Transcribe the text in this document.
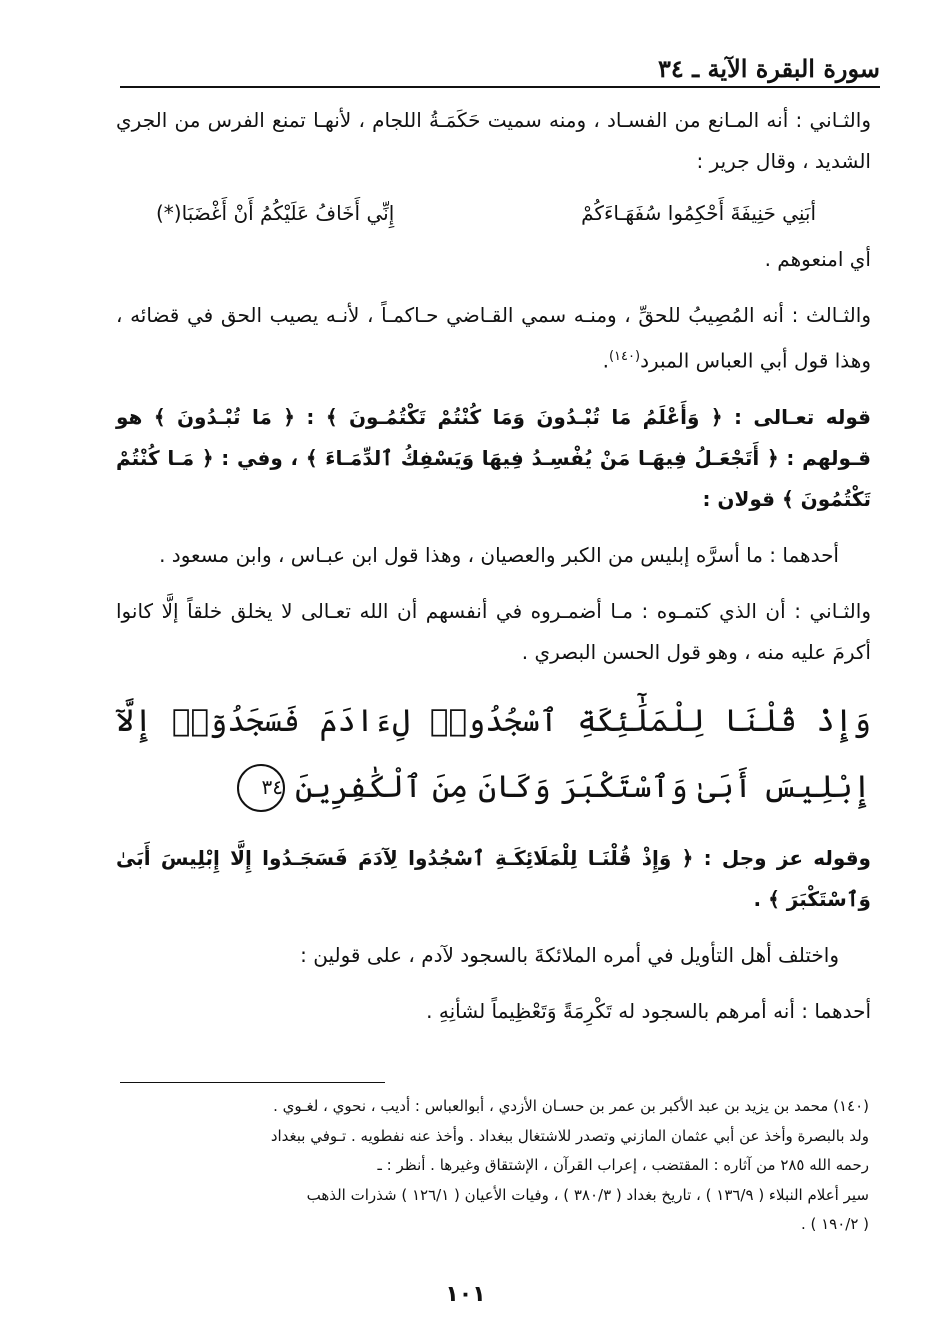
سورة البقرة الآية ـ ٣٤

والثـاني : أنه المـانع من الفسـاد ، ومنه سميت حَكَمَـةُ اللجام ، لأنهـا تمنع الفرس من الجري الشديد ، وقال جرير :

أبَنِي حَنِيفَةَ أَحْكِمُوا سُفَهَـاءَكُمْ
إِنِّي أَخَافُ عَلَيْكُمُ أَنْ أَغْضَبَا(*)

أي امنعوهم .

والثـالث : أنه المُصِيبُ للحقِّ ، ومنـه سمي القـاضي حـاكمـاً ، لأنـه يصيب الحق في قضائه ، وهذا قول أبي العباس المبرد$^{(١٤٠)}$.

قوله تعـالى : ﴿ وَأَعْلَمُ مَا تُبْـدُونَ وَمَا كُنْتُمْ تَكْتُمُـونَ ﴾ : ﴿ مَا تُبْـدُونَ ﴾ هو قـولهم : ﴿ أَتَجْعَـلُ فِيهَـا مَنْ يُفْسِـدُ فِيهَا وَيَسْفِكُ ٱلدِّمَـاءَ ﴾ ، وفي : ﴿ مَـا كُنْتُمْ تَكْتُمُونَ ﴾ قولان :

أحدهما : ما أسرَّه إبليس من الكبر والعصيان ، وهذا قول ابن عبـاس ، وابن مسعود .

والثـاني : أن الذي كتمـوه : مـا أضمـروه في أنفسهم أن الله تعـالى لا يخلق خلقاً إلَّا كانوا أكرمَ عليه منه ، وهو قول الحسن البصري .

وَإِذْ قُلْنَا لِلْمَلَٰٓئِكَةِ ٱسْجُدُوا۟ لِءَادَمَ فَسَجَدُوٓا۟ إِلَّآ إِبْلِيسَ أَبَىٰ وَٱسْتَكْبَرَ وَكَانَ مِنَ ٱلْكَٰفِرِينَ٣٤

وقوله عز وجل : ﴿ وَإِذْ قُلْنَـا لِلْمَلَائِكَـةِ ٱسْجُدُوا لِآدَمَ فَسَجَـدُوا إِلَّا إِبْلِيسَ أَبَىٰ وَٱسْتَكْبَرَ ﴾ .

واختلف أهل التأويل في أمره الملائكةَ بالسجود لآدم ، على قولين :

أحدهما : أنه أمرهم بالسجود له تَكْرِمَةً وَتَعْظِيماً لشأنِهِ .

(١٤٠) محمد بن يزيد بن عبد الأكبر بن عمر بن حسـان الأزدي ، أبوالعباس : أديب ، نحوي ، لغـوي .
ولد بالبصرة وأخذ عن أبي عثمان المازني وتصدر للاشتغال ببغداد . وأخذ عنه نفطويه . تـوفي ببغداد
رحمه الله ٢٨٥ من آثاره : المقتضب ، إعراب القرآن ، الإشتقاق وغيرها . أنظر : ـ
سير أعلام النبلاء ( ١٣٦/٩ ) ، تاريخ بغداد ( ٣٨٠/٣ ) ، وفيات الأعيان ( ١٢٦/١ ) شذرات الذهب
( ١٩٠/٢ ) .
١٠١
